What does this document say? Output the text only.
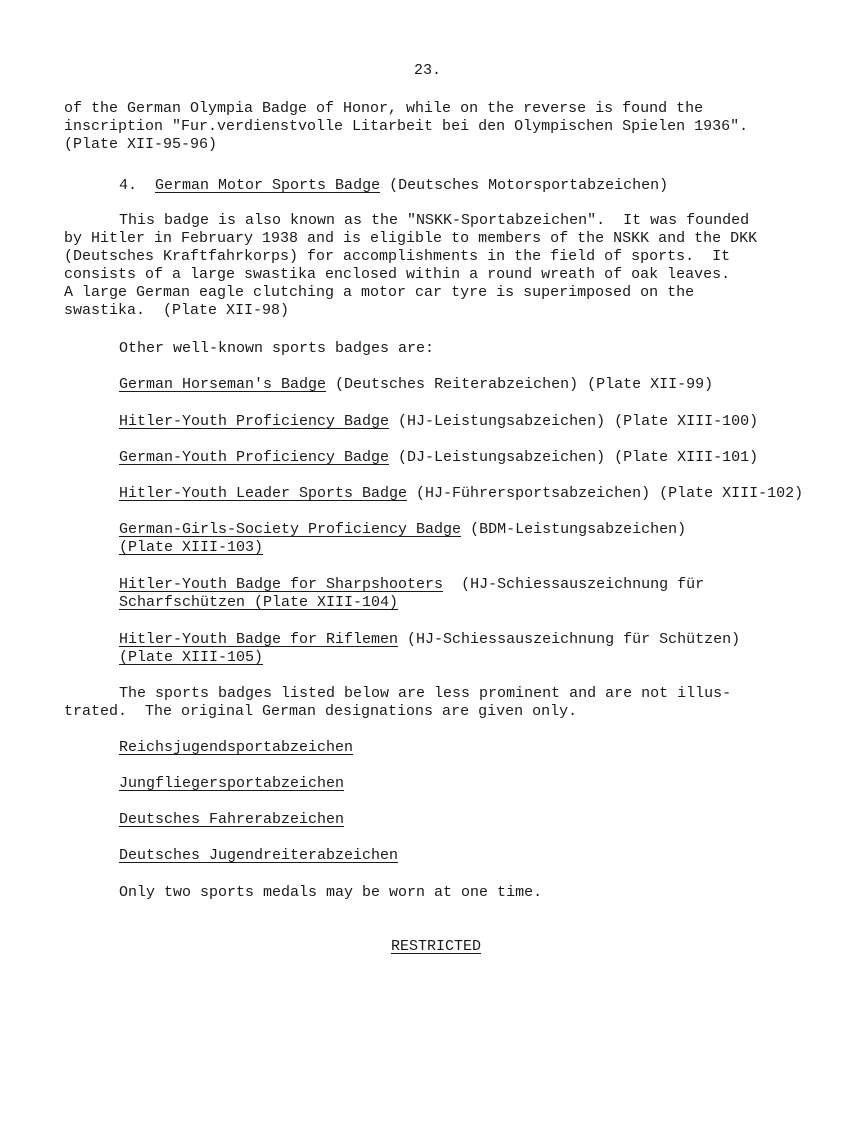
23.
of the German Olympia Badge of Honor, while on the reverse is found the
inscription "Fur.verdienstvolle Litarbeit bei den Olympischen Spielen 1936".
(Plate XII-95-96)
4. German Motor Sports Badge (Deutsches Motorsportabzeichen)
This badge is also known as the "NSKK-Sportabzeichen".  It was founded
by Hitler in February 1938 and is eligible to members of the NSKK and the DKK
(Deutsches Kraftfahrkorps) for accomplishments in the field of sports.  It
consists of a large swastika enclosed within a round wreath of oak leaves.
A large German eagle clutching a motor car tyre is superimposed on the
swastika.  (Plate XII-98)
Other well-known sports badges are:
German Horseman's Badge (Deutsches Reiterabzeichen) (Plate XII-99)
Hitler-Youth Proficiency Badge (HJ-Leistungsabzeichen) (Plate XIII-100)
German-Youth Proficiency Badge (DJ-Leistungsabzeichen) (Plate XIII-101)
Hitler-Youth Leader Sports Badge (HJ-Führersportsabzeichen) (Plate XIII-102)
German-Girls-Society Proficiency Badge (BDM-Leistungsabzeichen)
(Plate XIII-103)
Hitler-Youth Badge for Sharpshooters  (HJ-Schiessauszeichnung für
Scharfschützen (Plate XIII-104)
Hitler-Youth Badge for Riflemen (HJ-Schiessauszeichnung für Schützen)
(Plate XIII-105)
The sports badges listed below are less prominent and are not illus-
trated.  The original German designations are given only.
Reichsjugendsportabzeichen
Jungfliegersportabzeichen
Deutsches Fahrerabzeichen
Deutsches Jugendreiterabzeichen
Only two sports medals may be worn at one time.
RESTRICTED
